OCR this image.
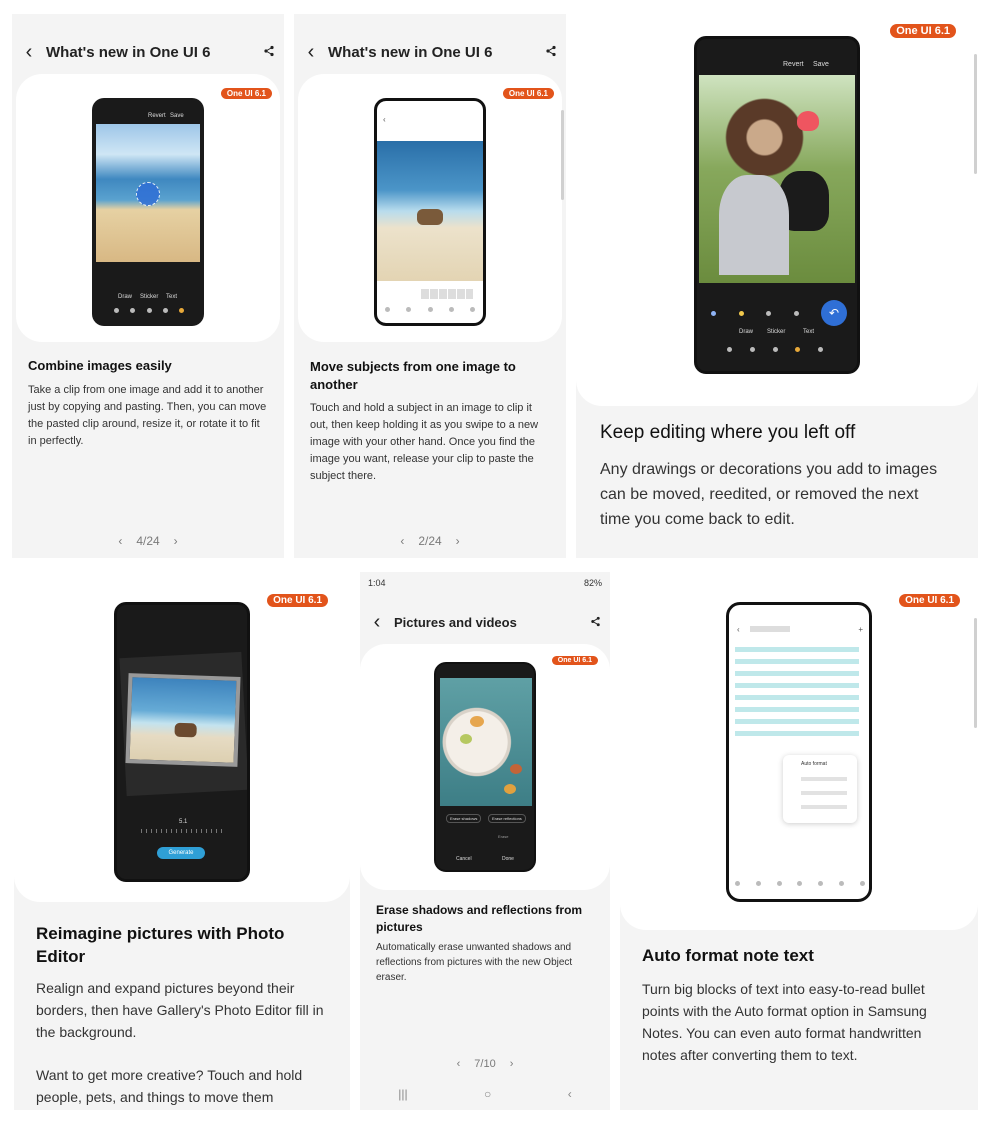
‹ What's new in One UI 6
One UI 6.1
Revert Save
Draw Sticker Text
Combine images easily
Take a clip from one image and add it to another just by copying and pasting. Then, you can move the pasted clip around, resize it, or rotate it to fit in perfectly.
‹ 4/24 ›
‹ What's new in One UI 6
One UI 6.1
‹
Move subjects from one image to another
Touch and hold a subject in an image to clip it out, then keep holding it as you swipe to a new image with your other hand. Once you find the image you want, release your clip to paste the subject there.
‹ 2/24 ›
One UI 6.1
Revert Save
↶
Draw Sticker	Text
Keep editing where you left off
Any drawings or decorations you add to images can be moved, reedited, or removed the next time you come back to edit.
One UI 6.1
5.1
Generate
Reimagine pictures with Photo Editor
Realign and expand pictures beyond their borders, then have Gallery's Photo Editor fill in the background.
Want to get more creative? Touch and hold people, pets, and things to move them
1:04	82%
‹	Pictures and videos
One UI 6.1
Erase shadows	Erase reflections
Erase
Cancel	Done
Erase shadows and reflections from pictures
Automatically erase unwanted shadows and reflections from pictures with the new Object eraser.
‹ 7/10 ›
|||	○	‹
One UI 6.1
‹	+
Auto format
Auto format note text
Turn big blocks of text into easy-to-read bullet points with the Auto format option in Samsung Notes. You can even auto format handwritten notes after converting them to text.
